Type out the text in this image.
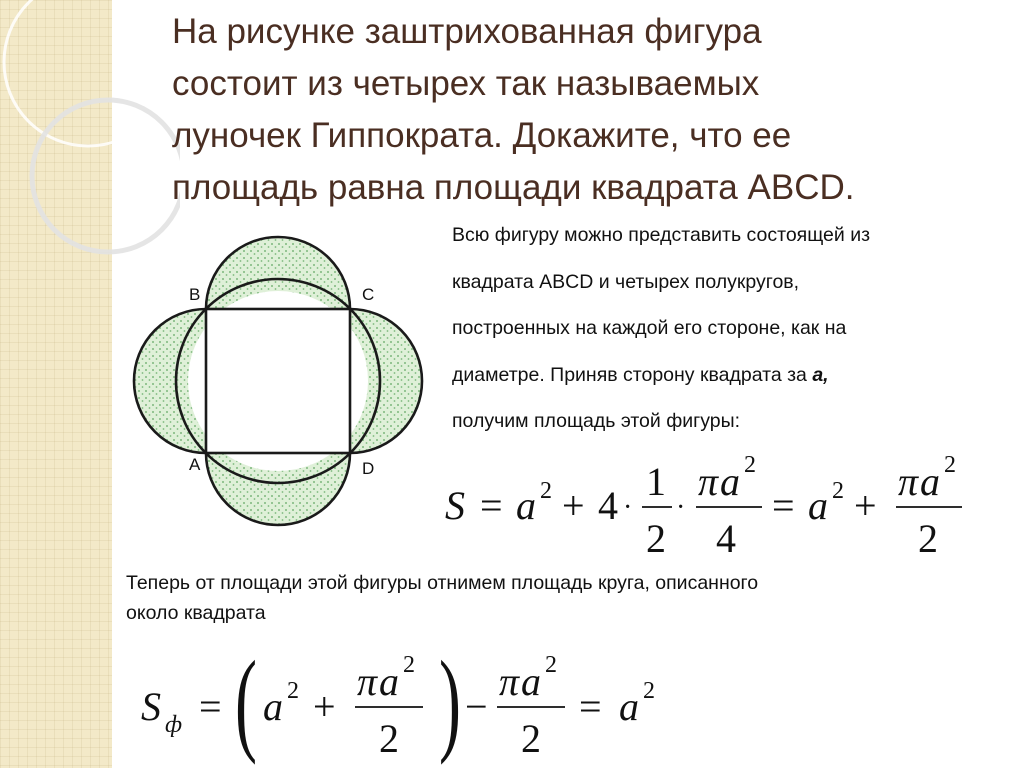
На рисунке заштрихованная фигура
состоит из четырех так называемых
луночек Гиппократа. Докажите, что ее
площадь равна площади квадрата ABCD.
B	C
A	D
Всю фигуру можно представить состоящей из
квадрата ABCD и четырех полукругов,
построенных на каждой его стороне, как на
диаметре. Приняв сторону квадрата за а,
получим площадь этой фигуры:
S = a 2 + 4 ·
1
2
·
π a 2
4
= a 2 +
π a 2
2
Теперь от площади этой фигуры отнимем площадь круга, описанного
около квадрата
S ф = ( a 2 +
π a 2
2 ) −
π a 2
2
= a 2
